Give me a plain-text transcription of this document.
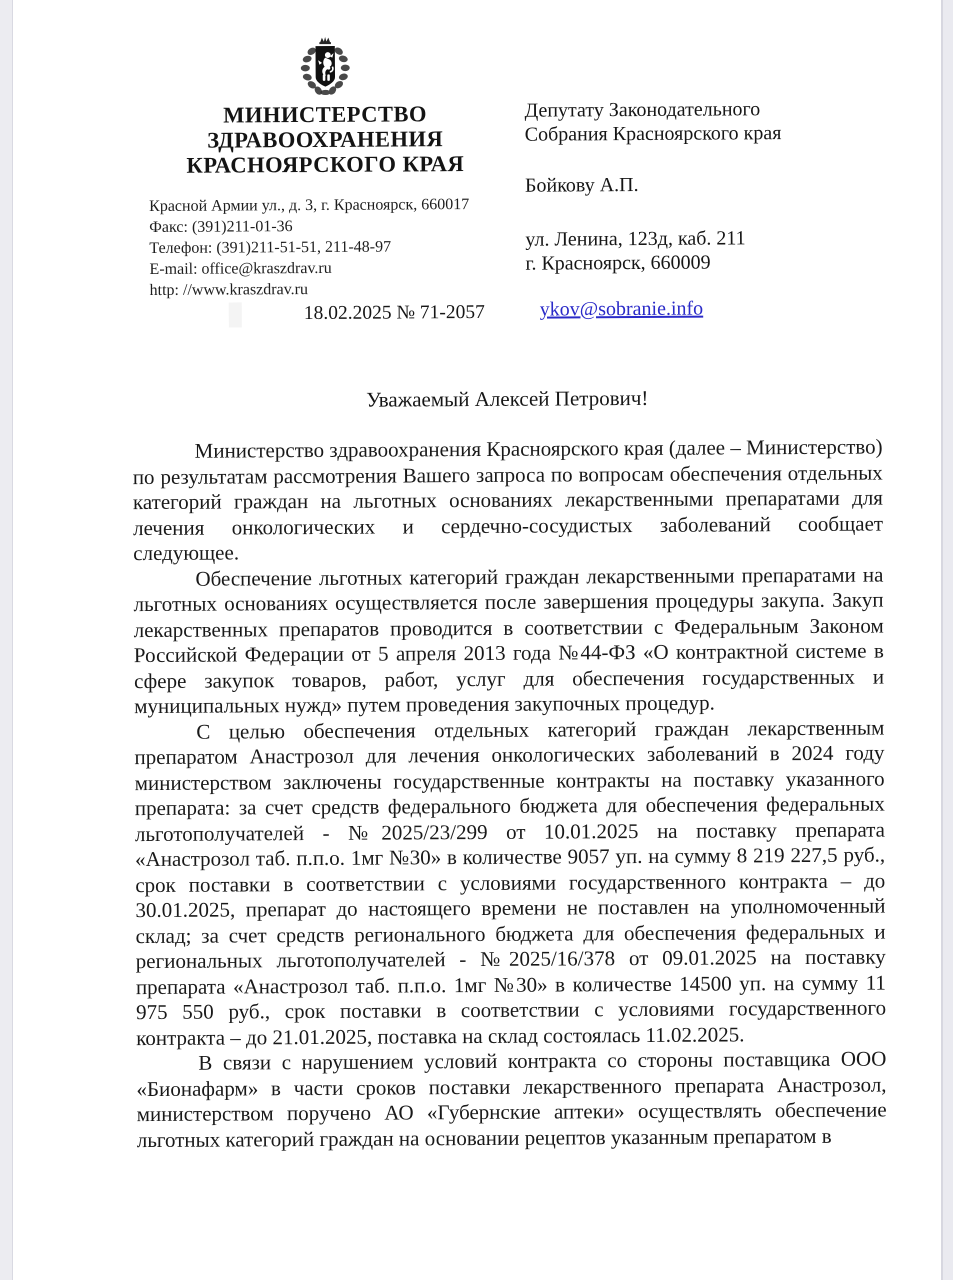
МИНИСТЕРСТВО
ЗДРАВООХРАНЕНИЯ
КРАСНОЯРСКОГО КРАЯ
Красной Армии ул., д. 3, г. Красноярск, 660017
Факс: (391)211-01-36
Телефон: (391)211-51-51, 211-48-97
E-mail: office@kraszdrav.ru
http: //www.kraszdrav.ru
18.02.2025 № 71-2057
Депутату Законодательного
Собрания Красноярского края
Бойкову А.П.
ул. Ленина, 123д, каб. 211
г. Красноярск, 660009
ykov@sobranie.info
Уважаемый Алексей Петрович!

Министерство здравоохранения Красноярского края (далее – Министерство) по результатам рассмотрения Вашего запроса по вопросам обеспечения отдельных категорий граждан на льготных основаниях лекарственными препаратами для лечения онкологических и сердечно-сосудистых заболеваний сообщает следующее.

Обеспечение льготных категорий граждан лекарственными препаратами на льготных основаниях осуществляется после завершения процедуры закупа. Закуп лекарственных препаратов проводится в соответствии с Федеральным Законом Российской Федерации от 5 апреля 2013 года №44-ФЗ «О контрактной системе в сфере закупок товаров, работ, услуг для обеспечения государственных и муниципальных нужд» путем проведения закупочных процедур.

С целью обеспечения отдельных категорий граждан лекарственным препаратом Анастрозол для лечения онкологических заболеваний в 2024 году министерством заключены государственные контракты на поставку указанного препарата: за счет средств федерального бюджета для обеспечения федеральных льготополучателей - №2025/23/299 от 10.01.2025 на поставку препарата «Анастрозол таб. п.п.о. 1мг №30» в количестве 9057 уп. на сумму 8 219 227,5 руб., срок поставки в соответствии с условиями государственного контракта – до 30.01.2025, препарат до настоящего времени не поставлен на уполномоченный склад; за счет средств регионального бюджета для обеспечения федеральных и региональных льготополучателей - №2025/16/378 от 09.01.2025 на поставку препарата «Анастрозол таб. п.п.о. 1мг №30» в количестве 14500 уп. на сумму 11 975 550 руб., срок поставки в соответствии с условиями государственного контракта – до 21.01.2025, поставка на склад состоялась 11.02.2025.

В связи с нарушением условий контракта со стороны поставщика ООО «Бионафарм» в части сроков поставки лекарственного препарата Анастрозол, министерством поручено АО «Губернские аптеки» осуществлять обеспечение льготных категорий граждан на основании рецептов указанным препаратом в
